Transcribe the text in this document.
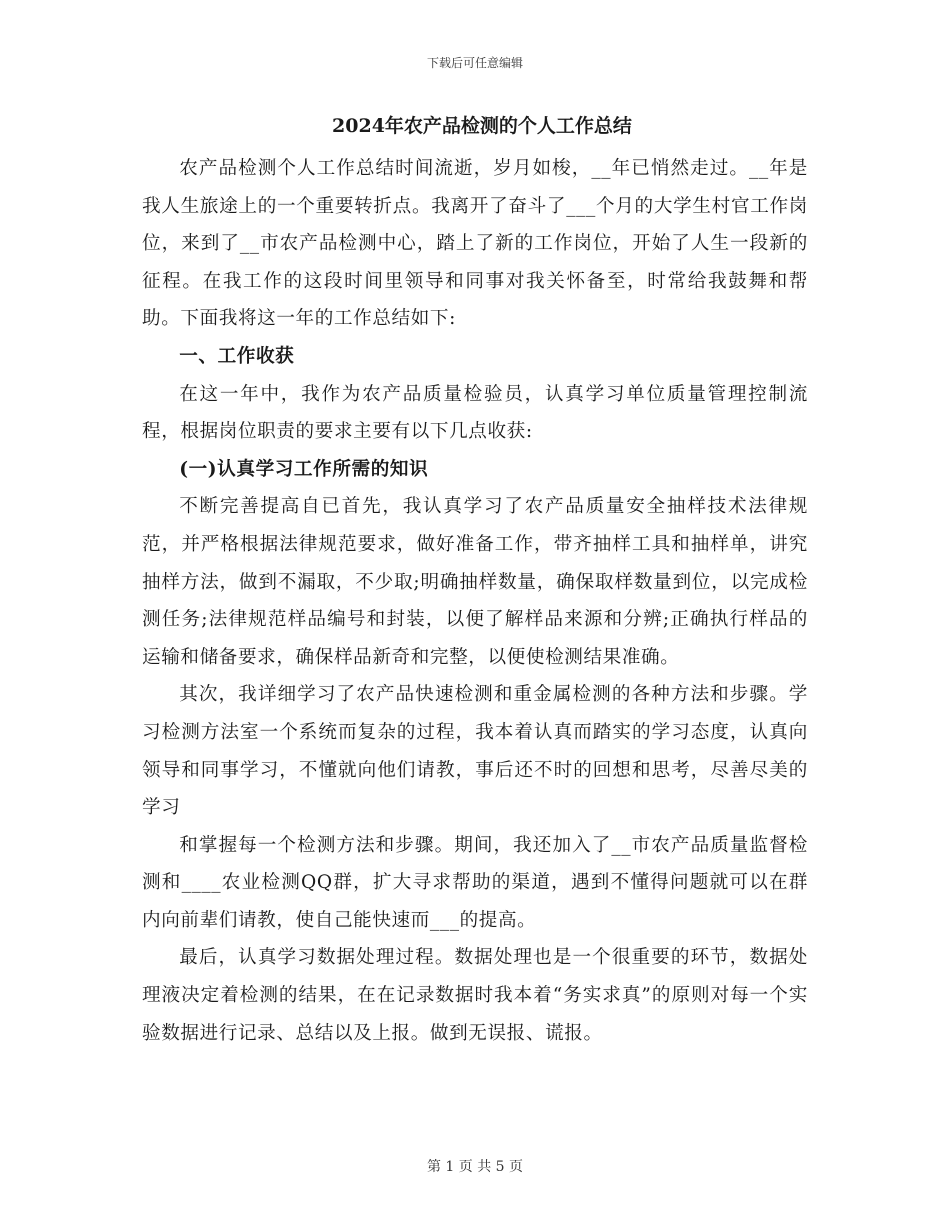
下载后可任意编辑
2024年农产品检测的个人工作总结

农产品检测个人工作总结时间流逝，岁月如梭，__年已悄然走过。__年是我人生旅途上的一个重要转折点。我离开了奋斗了___个月的大学生村官工作岗位，来到了__市农产品检测中心，踏上了新的工作岗位，开始了人生一段新的征程。在我工作的这段时间里领导和同事对我关怀备至，时常给我鼓舞和帮助。下面我将这一年的工作总结如下:

一、工作收获

在这一年中，我作为农产品质量检验员，认真学习单位质量管理控制流程，根据岗位职责的要求主要有以下几点收获:

(一)认真学习工作所需的知识

不断完善提高自已首先，我认真学习了农产品质量安全抽样技术法律规范，并严格根据法律规范要求，做好准备工作，带齐抽样工具和抽样单，讲究抽样方法，做到不漏取，不少取;明确抽样数量，确保取样数量到位，以完成检测任务;法律规范样品编号和封装，以便了解样品来源和分辨;正确执行样品的运输和储备要求，确保样品新奇和完整，以便使检测结果准确。

其次，我详细学习了农产品快速检测和重金属检测的各种方法和步骤。学习检测方法室一个系统而复杂的过程，我本着认真而踏实的学习态度，认真向领导和同事学习，不懂就向他们请教，事后还不时的回想和思考，尽善尽美的学习

和掌握每一个检测方法和步骤。期间，我还加入了__市农产品质量监督检测和____农业检测QQ群，扩大寻求帮助的渠道，遇到不懂得问题就可以在群内向前辈们请教，使自己能快速而___的提高。

最后，认真学习数据处理过程。数据处理也是一个很重要的环节，数据处理液决定着检测的结果，在在记录数据时我本着“务实求真”的原则对每一个实验数据进行记录、总结以及上报。做到无误报、谎报。

第 1 页 共 5 页
